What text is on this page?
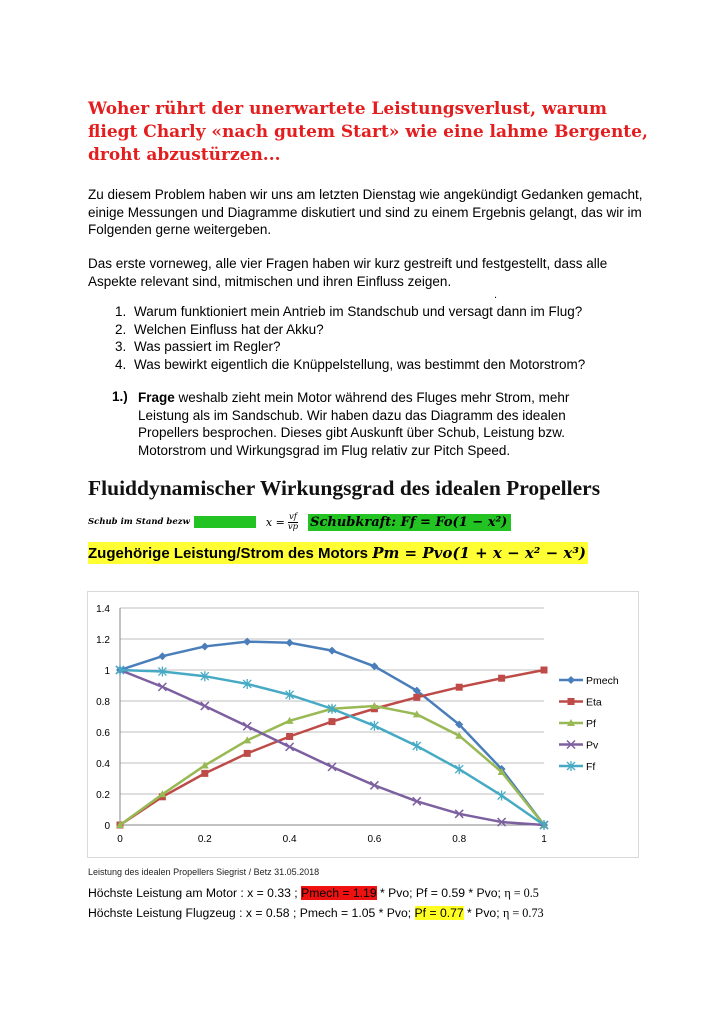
Woher rührt der unerwartete Leistungsverlust, warum fliegt Charly «nach gutem Start» wie eine lahme Bergente, droht abzustürzen...

Zu diesem Problem haben wir uns am letzten Dienstag wie angekündigt Gedanken gemacht, einige Messungen und Diagramme diskutiert und sind zu einem Ergebnis gelangt, das wir im Folgenden gerne weitergeben.

Das erste vorneweg, alle vier Fragen haben wir kurz gestreift und festgestellt, dass alle Aspekte relevant sind, mitmischen und ihren Einfluss zeigen.

.
1. Warum funktioniert mein Antrieb im Standschub und versagt dann im Flug?
2. Welchen Einfluss hat der Akku?
3. Was passiert im Regler?
4. Was bewirkt eigentlich die Knüppelstellung, was bestimmt den Motorstrom?
1.) Frage weshalb zieht mein Motor während des Fluges mehr Strom, mehr Leistung als im Sandschub. Wir haben dazu das Diagramm des idealen Propellers besprochen. Dieses gibt Auskunft über Schub, Leistung bzw. Motorstrom und Wirkungsgrad im Flug relativ zur Pitch Speed.

Fluiddynamischer Wirkungsgrad des idealen Propellers
Schub im Stand bezw	$x = \frac{vf}{vp}$ Schubkraft: Ff = Fo(1 − x²)
Zugehörige Leistung/Strom des Motors Pm = Pvo(1 + x − x² − x³)
0
0.2
0.4
0.6
0.8
1
1.2
1.4
0	0.2	0.4	0.6	0.8	1
Pmech
Eta
Pf
Pv
Ff
Leistung des idealen Propellers Siegrist / Betz 31.05.2018
Höchste Leistung am Motor : x = 0.33 ; Pmech = 1.19 * Pvo; Pf = 0.59 * Pvo; η = 0.5
Höchste Leistung Flugzeug : x = 0.58 ; Pmech = 1.05 * Pvo; Pf = 0.77 * Pvo; η = 0.73
